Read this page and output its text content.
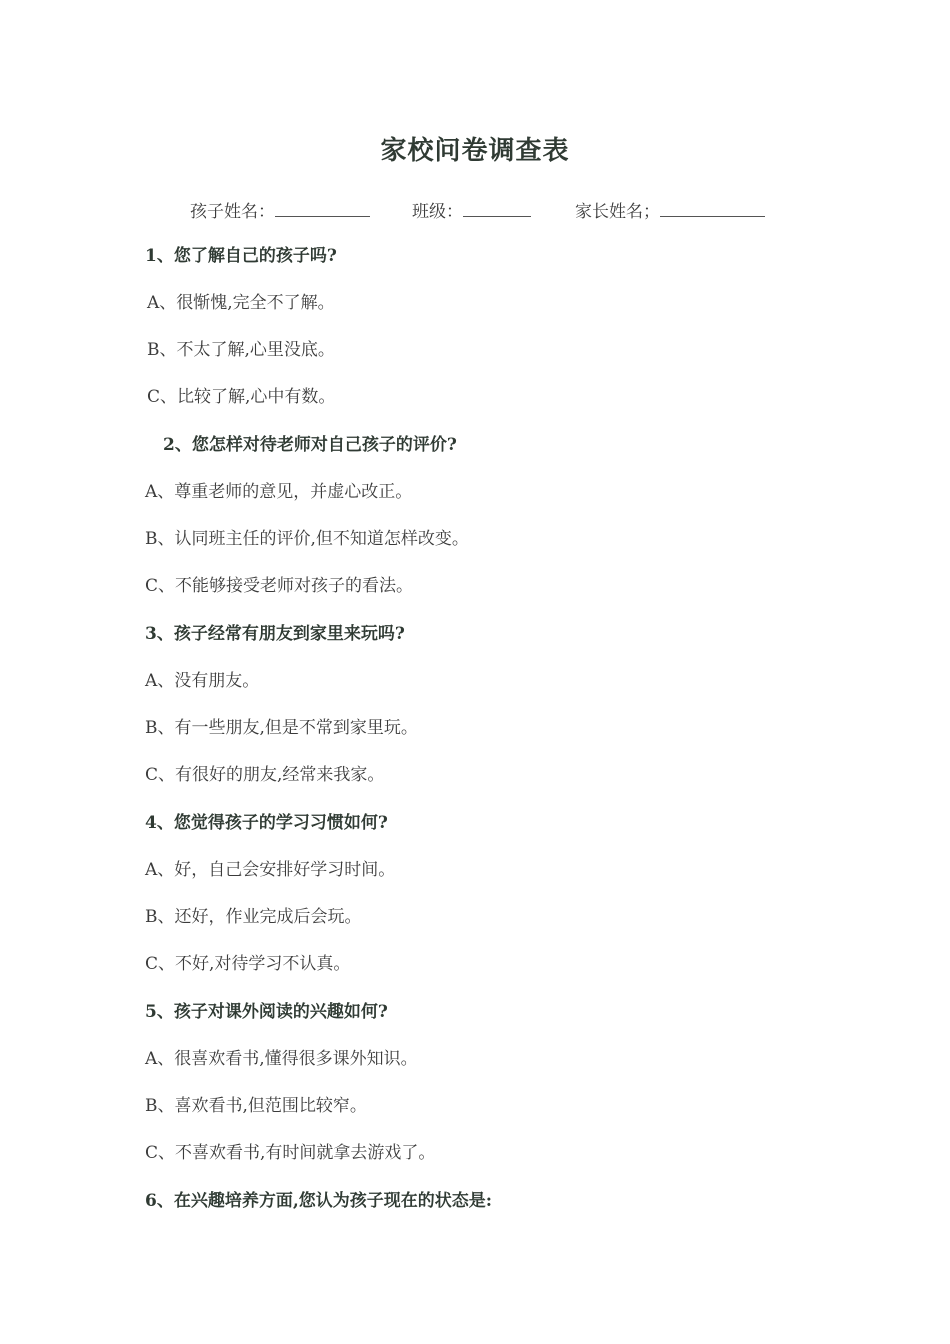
家校问卷调查表
孩子姓名：	班级：	家长姓名；
1、您了解自己的孩子吗?
A、很惭愧,完全不了解。
B、不太了解,心里没底。
C、比较了解,心中有数。
2、您怎样对待老师对自己孩子的评价?
A、尊重老师的意见，并虚心改正。
B、认同班主任的评价,但不知道怎样改变。
C、不能够接受老师对孩子的看法。
3、孩子经常有朋友到家里来玩吗?
A、没有朋友。
B、有一些朋友,但是不常到家里玩。
C、有很好的朋友,经常来我家。
4、您觉得孩子的学习习惯如何?
A、好，自己会安排好学习时间。
B、还好，作业完成后会玩。
C、不好,对待学习不认真。
5、孩子对课外阅读的兴趣如何?
A、很喜欢看书,懂得很多课外知识。
B、喜欢看书,但范围比较窄。
C、不喜欢看书,有时间就拿去游戏了。
6、在兴趣培养方面,您认为孩子现在的状态是:
